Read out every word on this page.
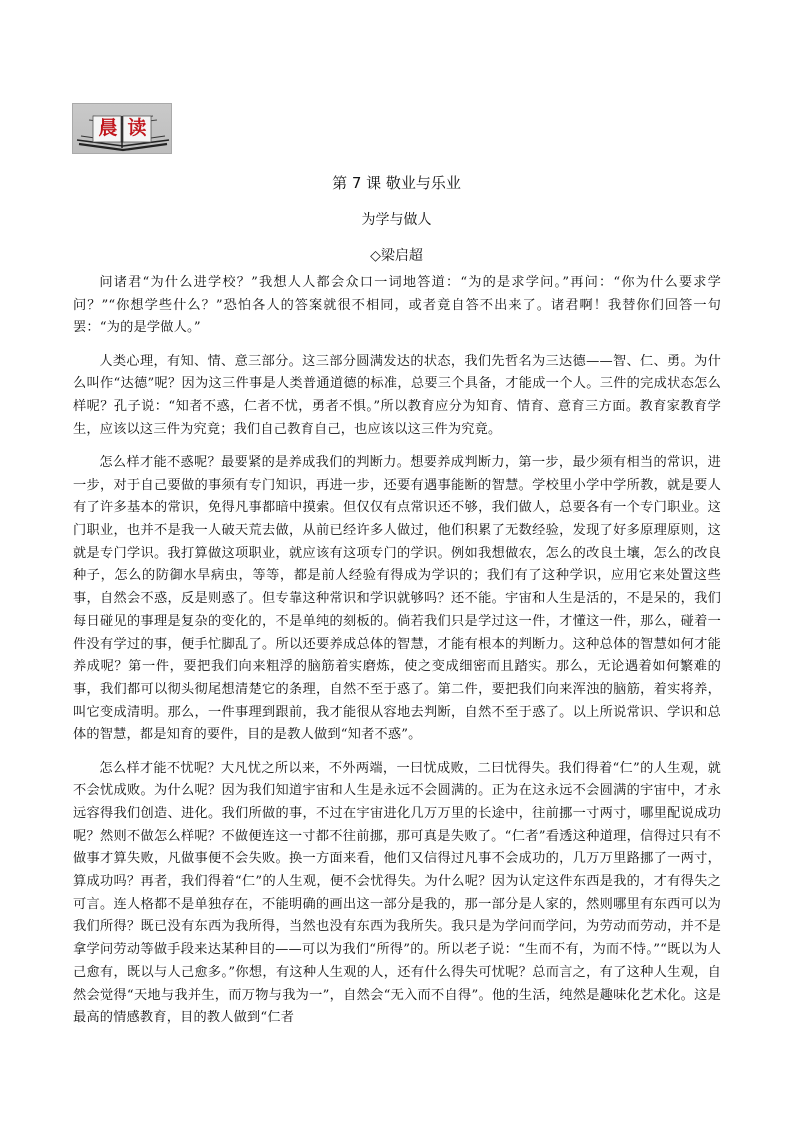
晨 读
第 7 课 敬业与乐业
为学与做人
◇梁启超

问诸君“为什么进学校？”我想人人都会众口一词地答道：“为的是求学问。”再问：“你为什么要求学问？”“你想学些什么？”恐怕各人的答案就很不相同，或者竟自答不出来了。诸君啊！我替你们回答一句罢：“为的是学做人。”

人类心理，有知、情、意三部分。这三部分圆满发达的状态，我们先哲名为三达德——智、仁、勇。为什么叫作“达德”呢？因为这三件事是人类普通道德的标准，总要三个具备，才能成一个人。三件的完成状态怎么样呢？孔子说：“知者不惑，仁者不忧，勇者不惧。”所以教育应分为知育、情育、意育三方面。教育家教育学生，应该以这三件为究竟；我们自己教育自己，也应该以这三件为究竟。

怎么样才能不惑呢？最要紧的是养成我们的判断力。想要养成判断力，第一步，最少须有相当的常识，进一步，对于自己要做的事须有专门知识，再进一步，还要有遇事能断的智慧。学校里小学中学所教，就是要人有了许多基本的常识，免得凡事都暗中摸索。但仅仅有点常识还不够，我们做人，总要各有一个专门职业。这门职业，也并不是我一人破天荒去做，从前已经许多人做过，他们积累了无数经验，发现了好多原理原则，这就是专门学识。我打算做这项职业，就应该有这项专门的学识。例如我想做农，怎么的改良土壤，怎么的改良种子，怎么的防御水旱病虫，等等，都是前人经验有得成为学识的；我们有了这种学识，应用它来处置这些事，自然会不惑，反是则惑了。但专靠这种常识和学识就够吗？还不能。宇宙和人生是活的，不是呆的，我们每日碰见的事理是复杂的变化的，不是单纯的刻板的。倘若我们只是学过这一件，才懂这一件，那么，碰着一件没有学过的事，便手忙脚乱了。所以还要养成总体的智慧，才能有根本的判断力。这种总体的智慧如何才能养成呢？第一件，要把我们向来粗浮的脑筋着实磨炼，使之变成细密而且踏实。那么，无论遇着如何繁难的事，我们都可以彻头彻尾想清楚它的条理，自然不至于惑了。第二件，要把我们向来浑浊的脑筋，着实将养，叫它变成清明。那么，一件事理到跟前，我才能很从容地去判断，自然不至于惑了。以上所说常识、学识和总体的智慧，都是知育的要件，目的是教人做到“知者不惑”。

怎么样才能不忧呢？大凡忧之所以来，不外两端，一曰忧成败，二曰忧得失。我们得着“仁”的人生观，就不会忧成败。为什么呢？因为我们知道宇宙和人生是永远不会圆满的。正为在这永远不会圆满的宇宙中，才永远容得我们创造、进化。我们所做的事，不过在宇宙进化几万万里的长途中，往前挪一寸两寸，哪里配说成功呢？然则不做怎么样呢？不做便连这一寸都不往前挪，那可真是失败了。“仁者”看透这种道理，信得过只有不做事才算失败，凡做事便不会失败。换一方面来看，他们又信得过凡事不会成功的，几万万里路挪了一两寸，算成功吗？再者，我们得着“仁”的人生观，便不会忧得失。为什么呢？因为认定这件东西是我的，才有得失之可言。连人格都不是单独存在，不能明确的画出这一部分是我的，那一部分是人家的，然则哪里有东西可以为我们所得？既已没有东西为我所得，当然也没有东西为我所失。我只是为学问而学问，为劳动而劳动，并不是拿学问劳动等做手段来达某种目的——可以为我们“所得”的。所以老子说：“生而不有，为而不恃。”“既以为人己愈有，既以与人己愈多。”你想，有这种人生观的人，还有什么得失可忧呢？总而言之，有了这种人生观，自然会觉得“天地与我并生，而万物与我为一”，自然会“无入而不自得”。他的生活，纯然是趣味化艺术化。这是最高的情感教育，目的教人做到“仁者
